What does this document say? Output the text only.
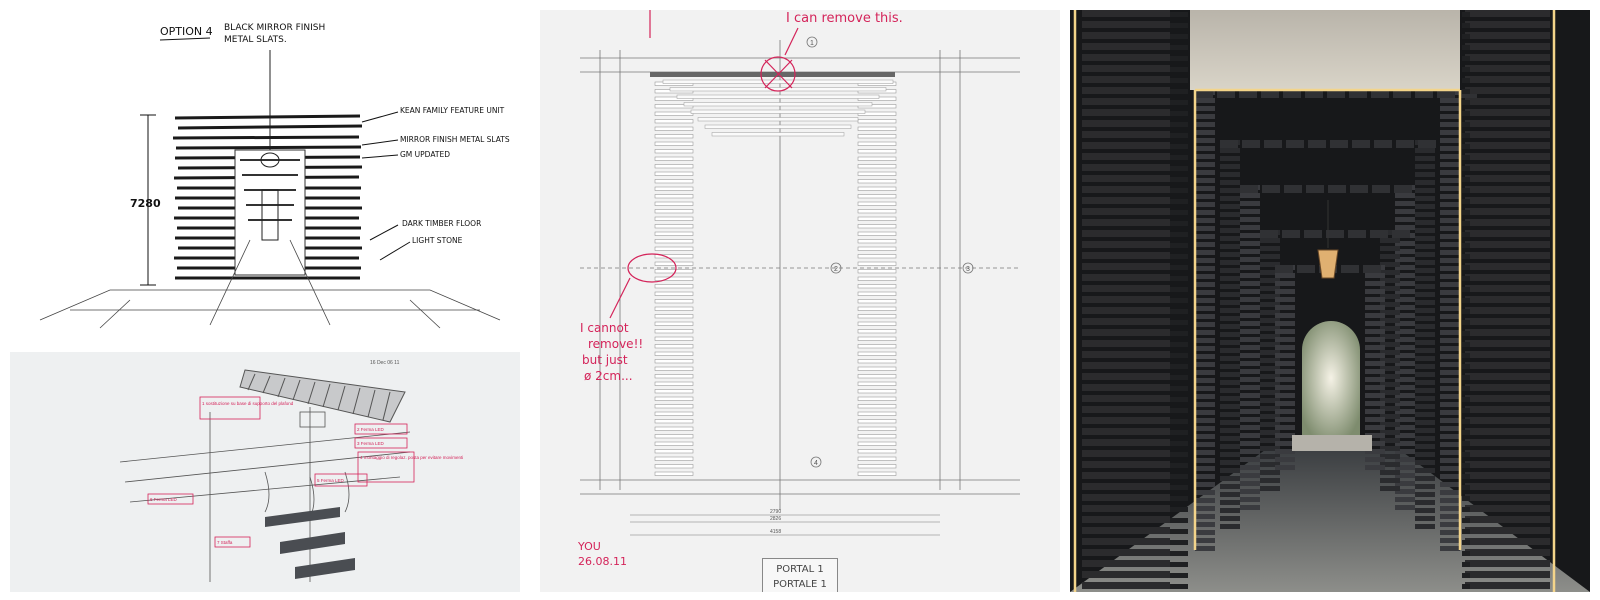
OPTION 4 BLACK MIRROR FINISH
METAL SLATS.
7280
KEAN FAMILY FEATURE UNIT
MIRROR FINISH METAL SLATS
GM UPDATED
DARK TIMBER FLOOR
LIGHT STONE
16 Dec 06 11
1 sostituzione su base di supporto del plafond
2 Ferma LED
3 Ferma LED
4 montaggio di regolaz. posta per evitare movimenti
5 Ferma LED
6 Ferma LED
7 Staffa
2790
2826
4158
1
2	3
4
I can remove this.
I cannot
remove!!
but just
ø 2cm...
YOU
26.08.11
PORTAL 1
PORTALE 1
